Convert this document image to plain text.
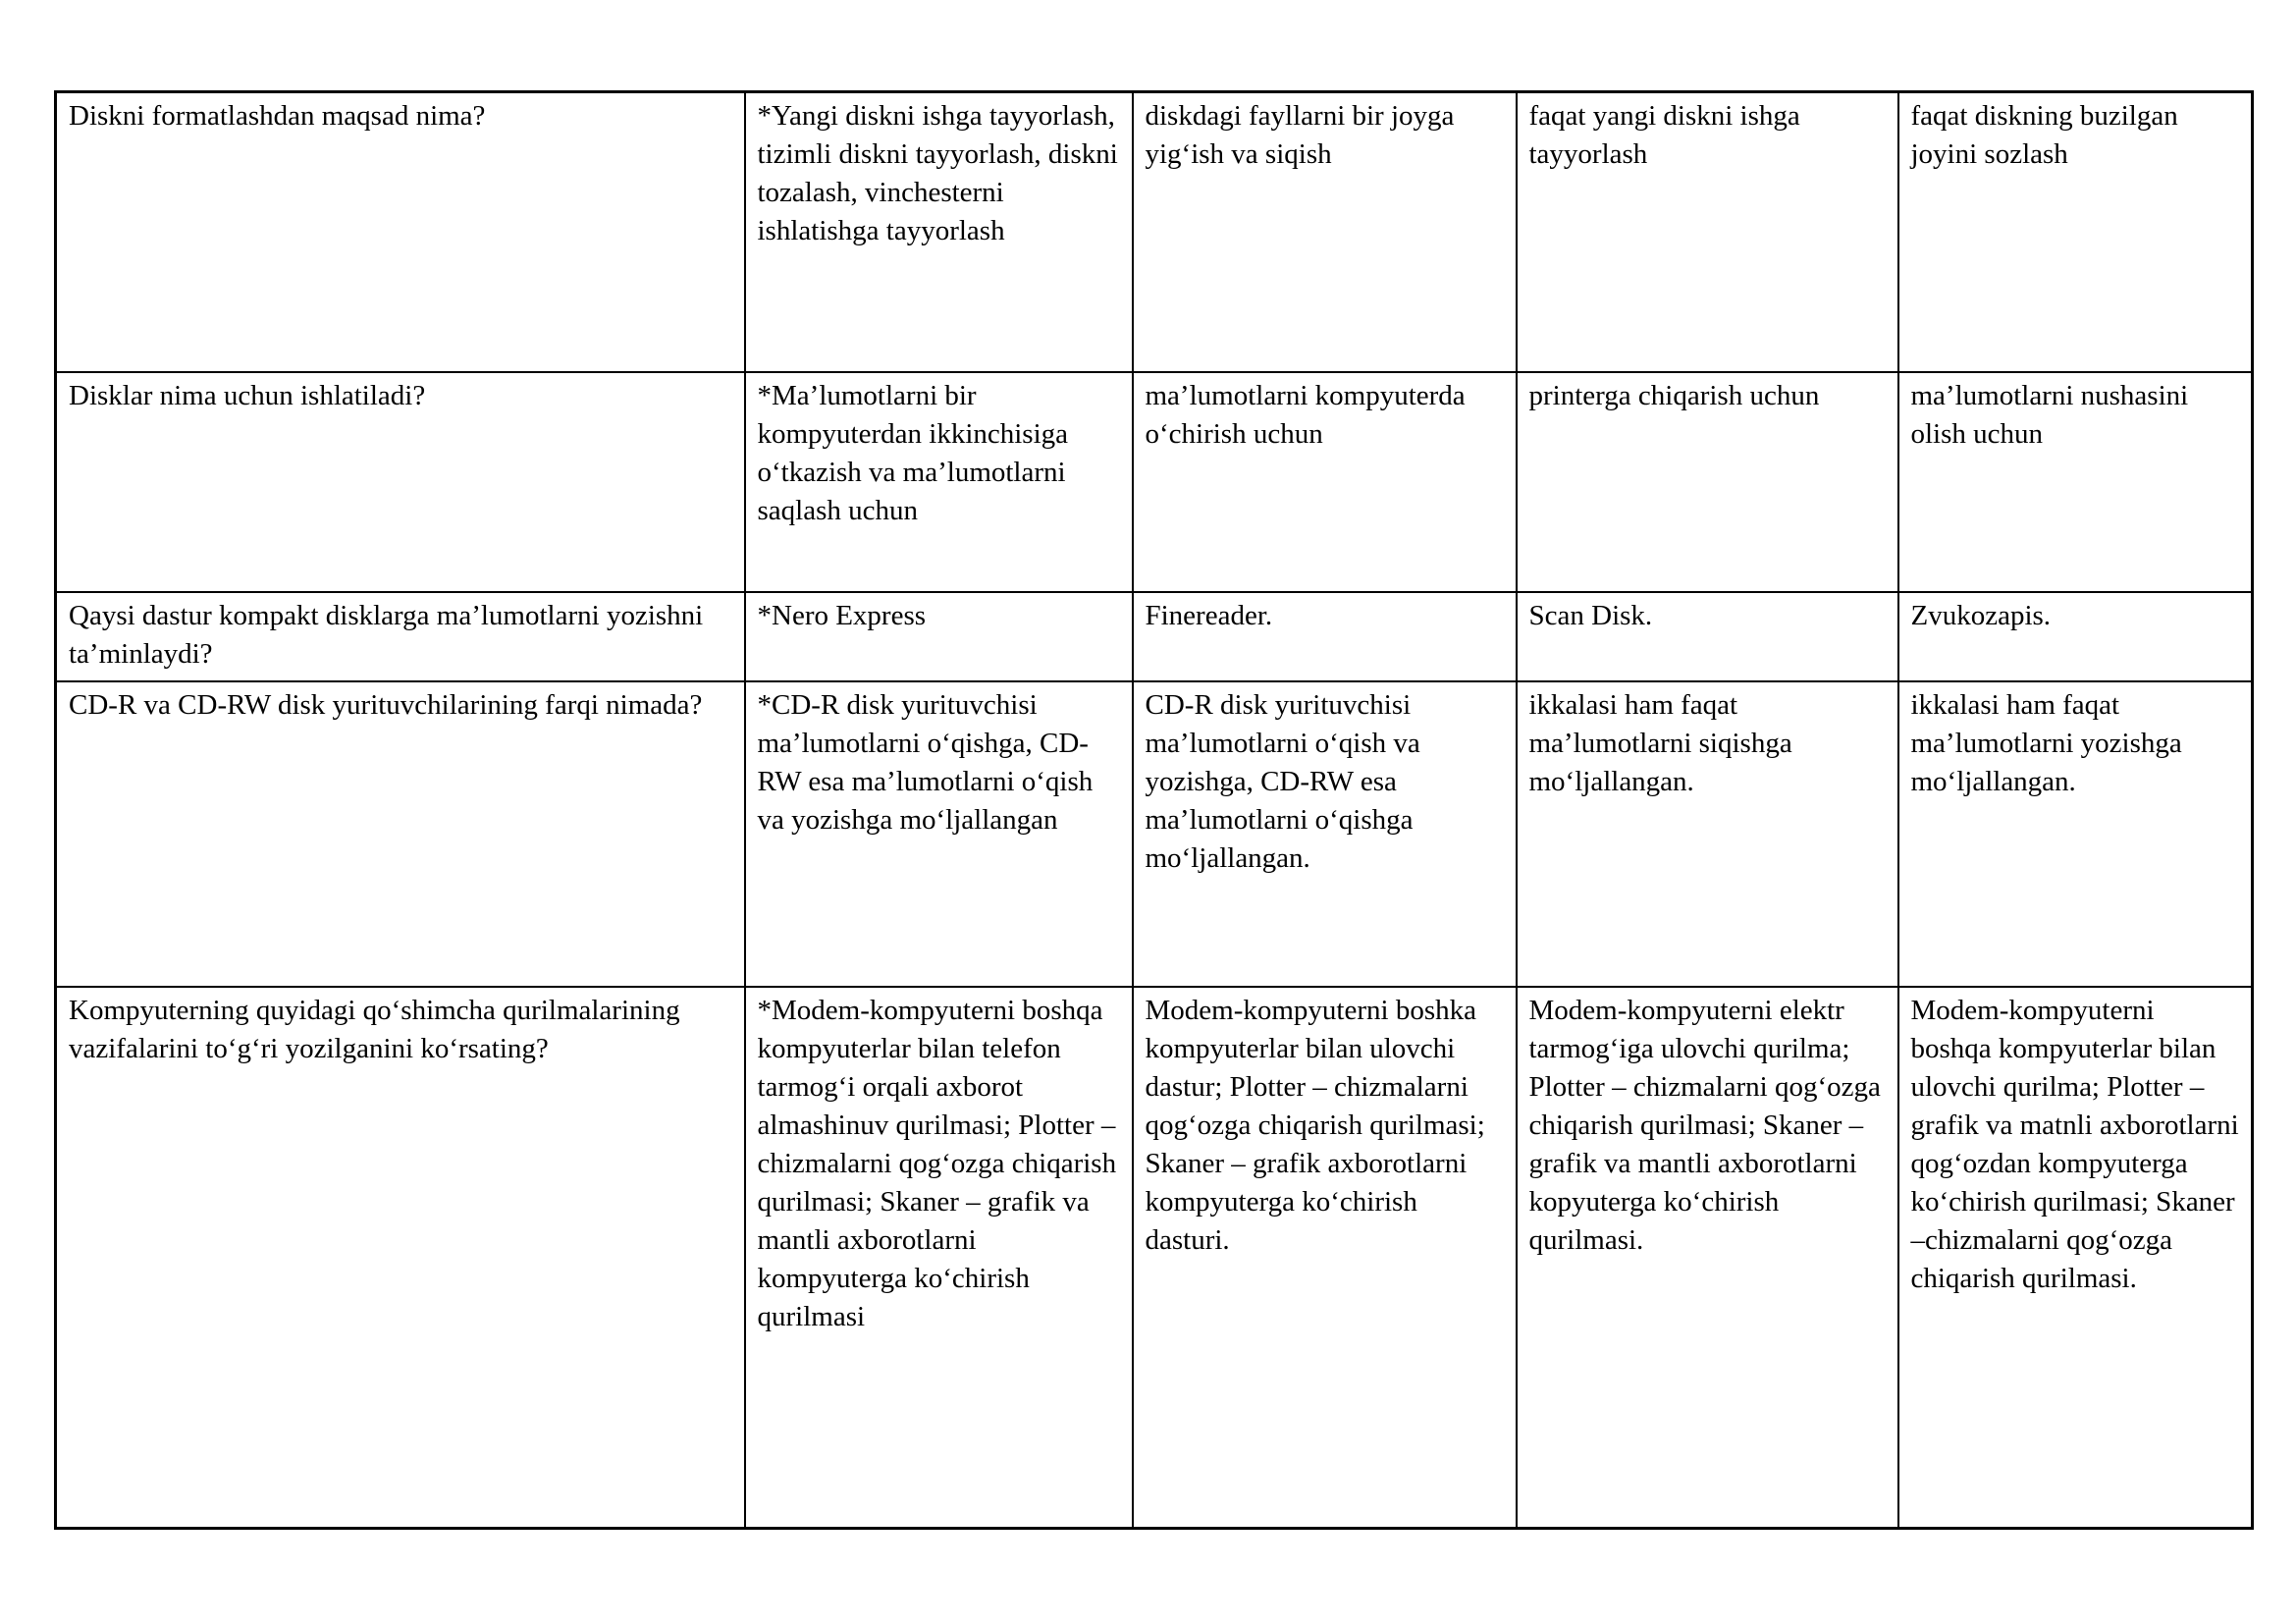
Diskni formatlashdan maqsad nima?	*Yangi diskni ishga tayyorlash, tizimli diskni tayyorlash, diskni tozalash, vinchesterni ishlatishga tayyorlash	diskdagi fayllarni bir joyga yig‘ish va siqish	faqat yangi diskni ishga tayyorlash	faqat diskning buzilgan joyini sozlash
Disklar nima uchun ishlatiladi?	*Ma’lumotlarni bir kompyuterdan ikkinchisiga o‘tkazish va ma’lumotlarni saqlash uchun	ma’lumotlarni kompyuterda o‘chirish uchun	printerga chiqarish uchun	ma’lumotlarni nushasini olish uchun
Qaysi dastur kompakt disklarga ma’lumotlarni yozishni ta’minlaydi?	*Nero Express	Finereader.	Scan Disk.	Zvukozapis.
CD-R va CD-RW disk yurituvchilarining farqi nimada?	*CD-R disk yurituvchisi ma’lumotlarni o‘qishga, CD-RW esa ma’lumotlarni o‘qish va yozishga mo‘ljallangan	CD-R disk yurituvchisi ma’lumotlarni o‘qish va yozishga, CD-RW esa ma’lumotlarni o‘qishga mo‘ljallangan.	ikkalasi ham faqat ma’lumotlarni siqishga mo‘ljallangan.	ikkalasi ham faqat ma’lumotlarni yozishga mo‘ljallangan.
Kompyuterning quyidagi qo‘shimcha qurilmalarining vazifalarini to‘g‘ri yozilganini ko‘rsating?	*Modem-kompyuterni boshqa kompyuterlar bilan telefon tarmog‘i orqali axborot almashinuv qurilmasi; Plotter – chizmalarni qog‘ozga chiqarish qurilmasi; Skaner – grafik va mantli axborotlarni kompyuterga ko‘chirish qurilmasi	Modem-kompyuterni boshka kompyuterlar bilan ulovchi dastur; Plotter – chizmalarni qog‘ozga chiqarish qurilmasi; Skaner – grafik axborotlarni kompyuterga ko‘chirish dasturi.	Modem-kompyuterni elektr tarmog‘iga ulovchi qurilma; Plotter – chizmalarni qog‘ozga chiqarish qurilmasi; Skaner – grafik va mantli axborotlarni kopyuterga ko‘chirish qurilmasi.	Modem-kompyuterni boshqa kompyuterlar bilan ulovchi qurilma; Plotter – grafik va matnli axborotlarni qog‘ozdan kompyuterga ko‘chirish qurilmasi; Skaner –chizmalarni qog‘ozga chiqarish qurilmasi.
